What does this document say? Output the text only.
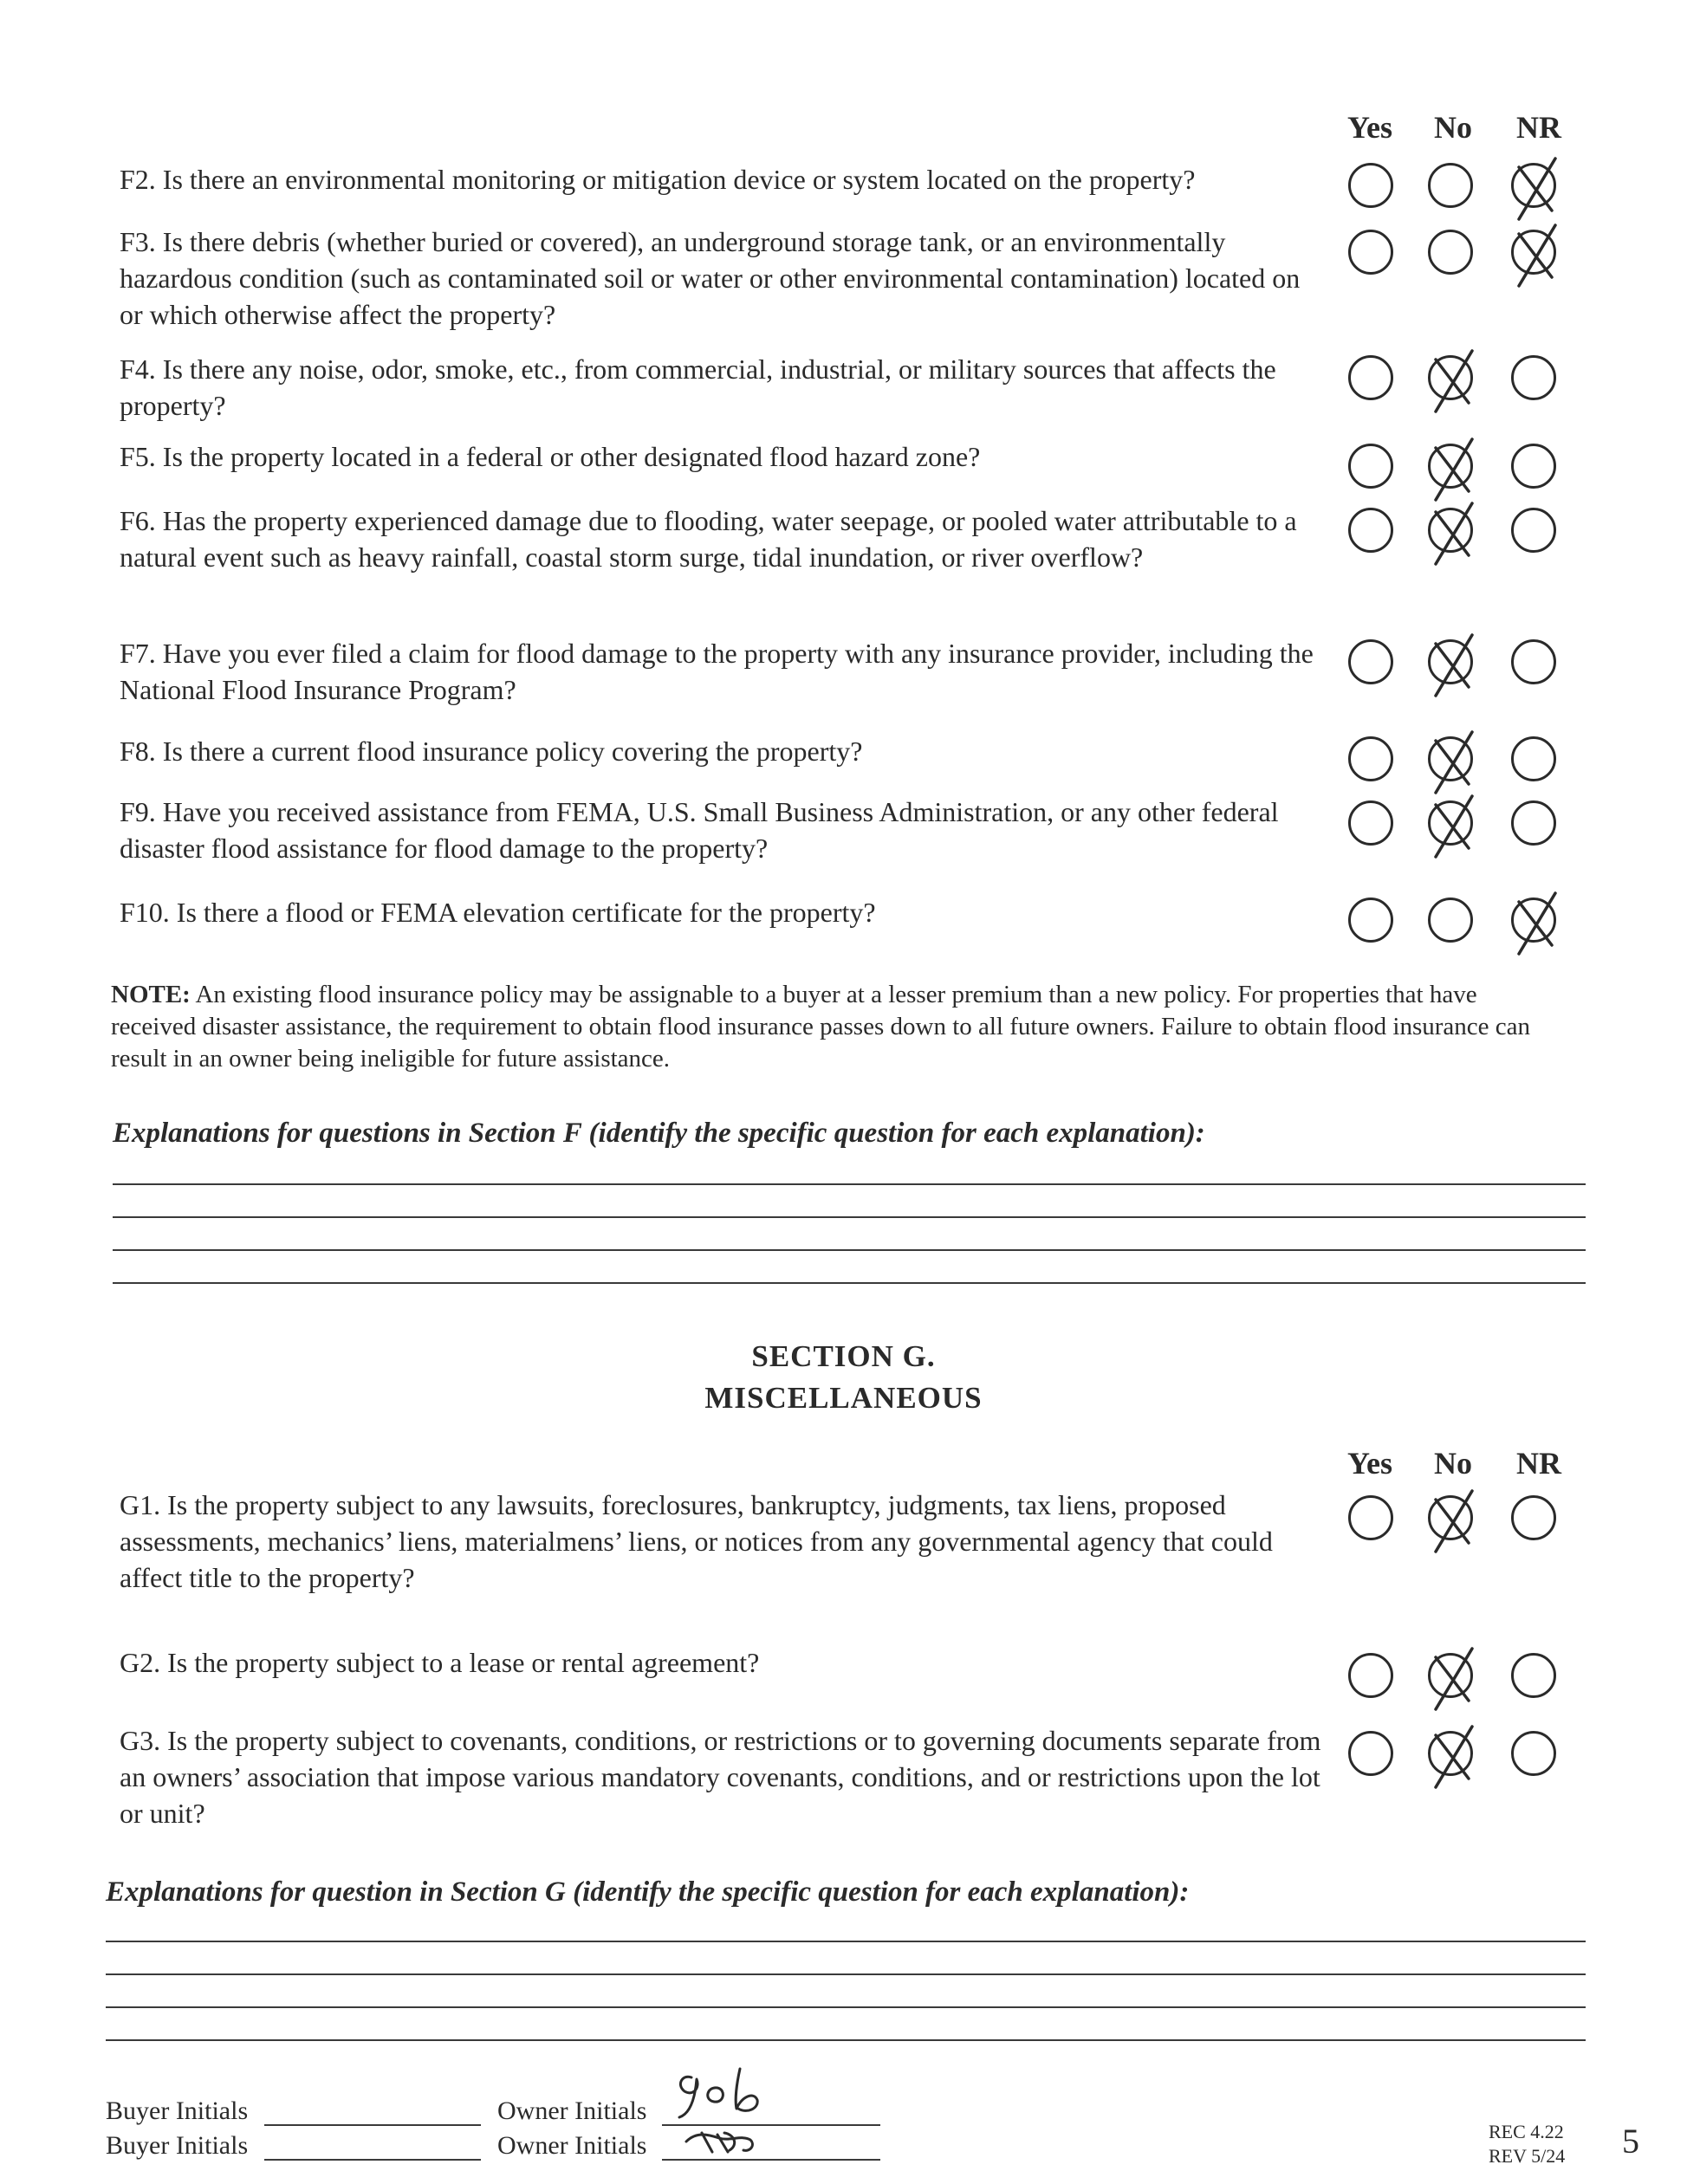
Yes No NR
F2. Is there an environmental monitoring or mitigation device or system located on the property?
F3. Is there debris (whether buried or covered), an underground storage tank, or an environmentally hazardous condition (such as contaminated soil or water or other environmental contamination) located on or which otherwise affect the property?
F4. Is there any noise, odor, smoke, etc., from commercial, industrial, or military sources that affects the property?
F5. Is the property located in a federal or other designated flood hazard zone?
F6. Has the property experienced damage due to flooding, water seepage, or pooled water attributable to a natural event such as heavy rainfall, coastal storm surge, tidal inundation, or river overflow?
F7. Have you ever filed a claim for flood damage to the property with any insurance provider, including the National Flood Insurance Program?
F8. Is there a current flood insurance policy covering the property?
F9. Have you received assistance from FEMA, U.S. Small Business Administration, or any other federal disaster flood assistance for flood damage to the property?
F10. Is there a flood or FEMA elevation certificate for the property?
NOTE: An existing flood insurance policy may be assignable to a buyer at a lesser premium than a new policy. For properties that have received disaster assistance, the requirement to obtain flood insurance passes down to all future owners. Failure to obtain flood insurance can result in an owner being ineligible for future assistance.
Explanations for questions in Section F (identify the specific question for each explanation):
SECTION G.
MISCELLANEOUS
Yes No NR
G1. Is the property subject to any lawsuits, foreclosures, bankruptcy, judgments, tax liens, proposed assessments, mechanics’ liens, materialmens’ liens, or notices from any governmental agency that could affect title to the property?
G2. Is the property subject to a lease or rental agreement?
G3. Is the property subject to covenants, conditions, or restrictions or to governing documents separate from an owners’ association that impose various mandatory covenants, conditions, and or restrictions upon the lot or unit?
Explanations for question in Section G (identify the specific question for each explanation):
Buyer Initials
Buyer Initials
Owner Initials
Owner Initials	REC 4.22
REV 5/24 5
